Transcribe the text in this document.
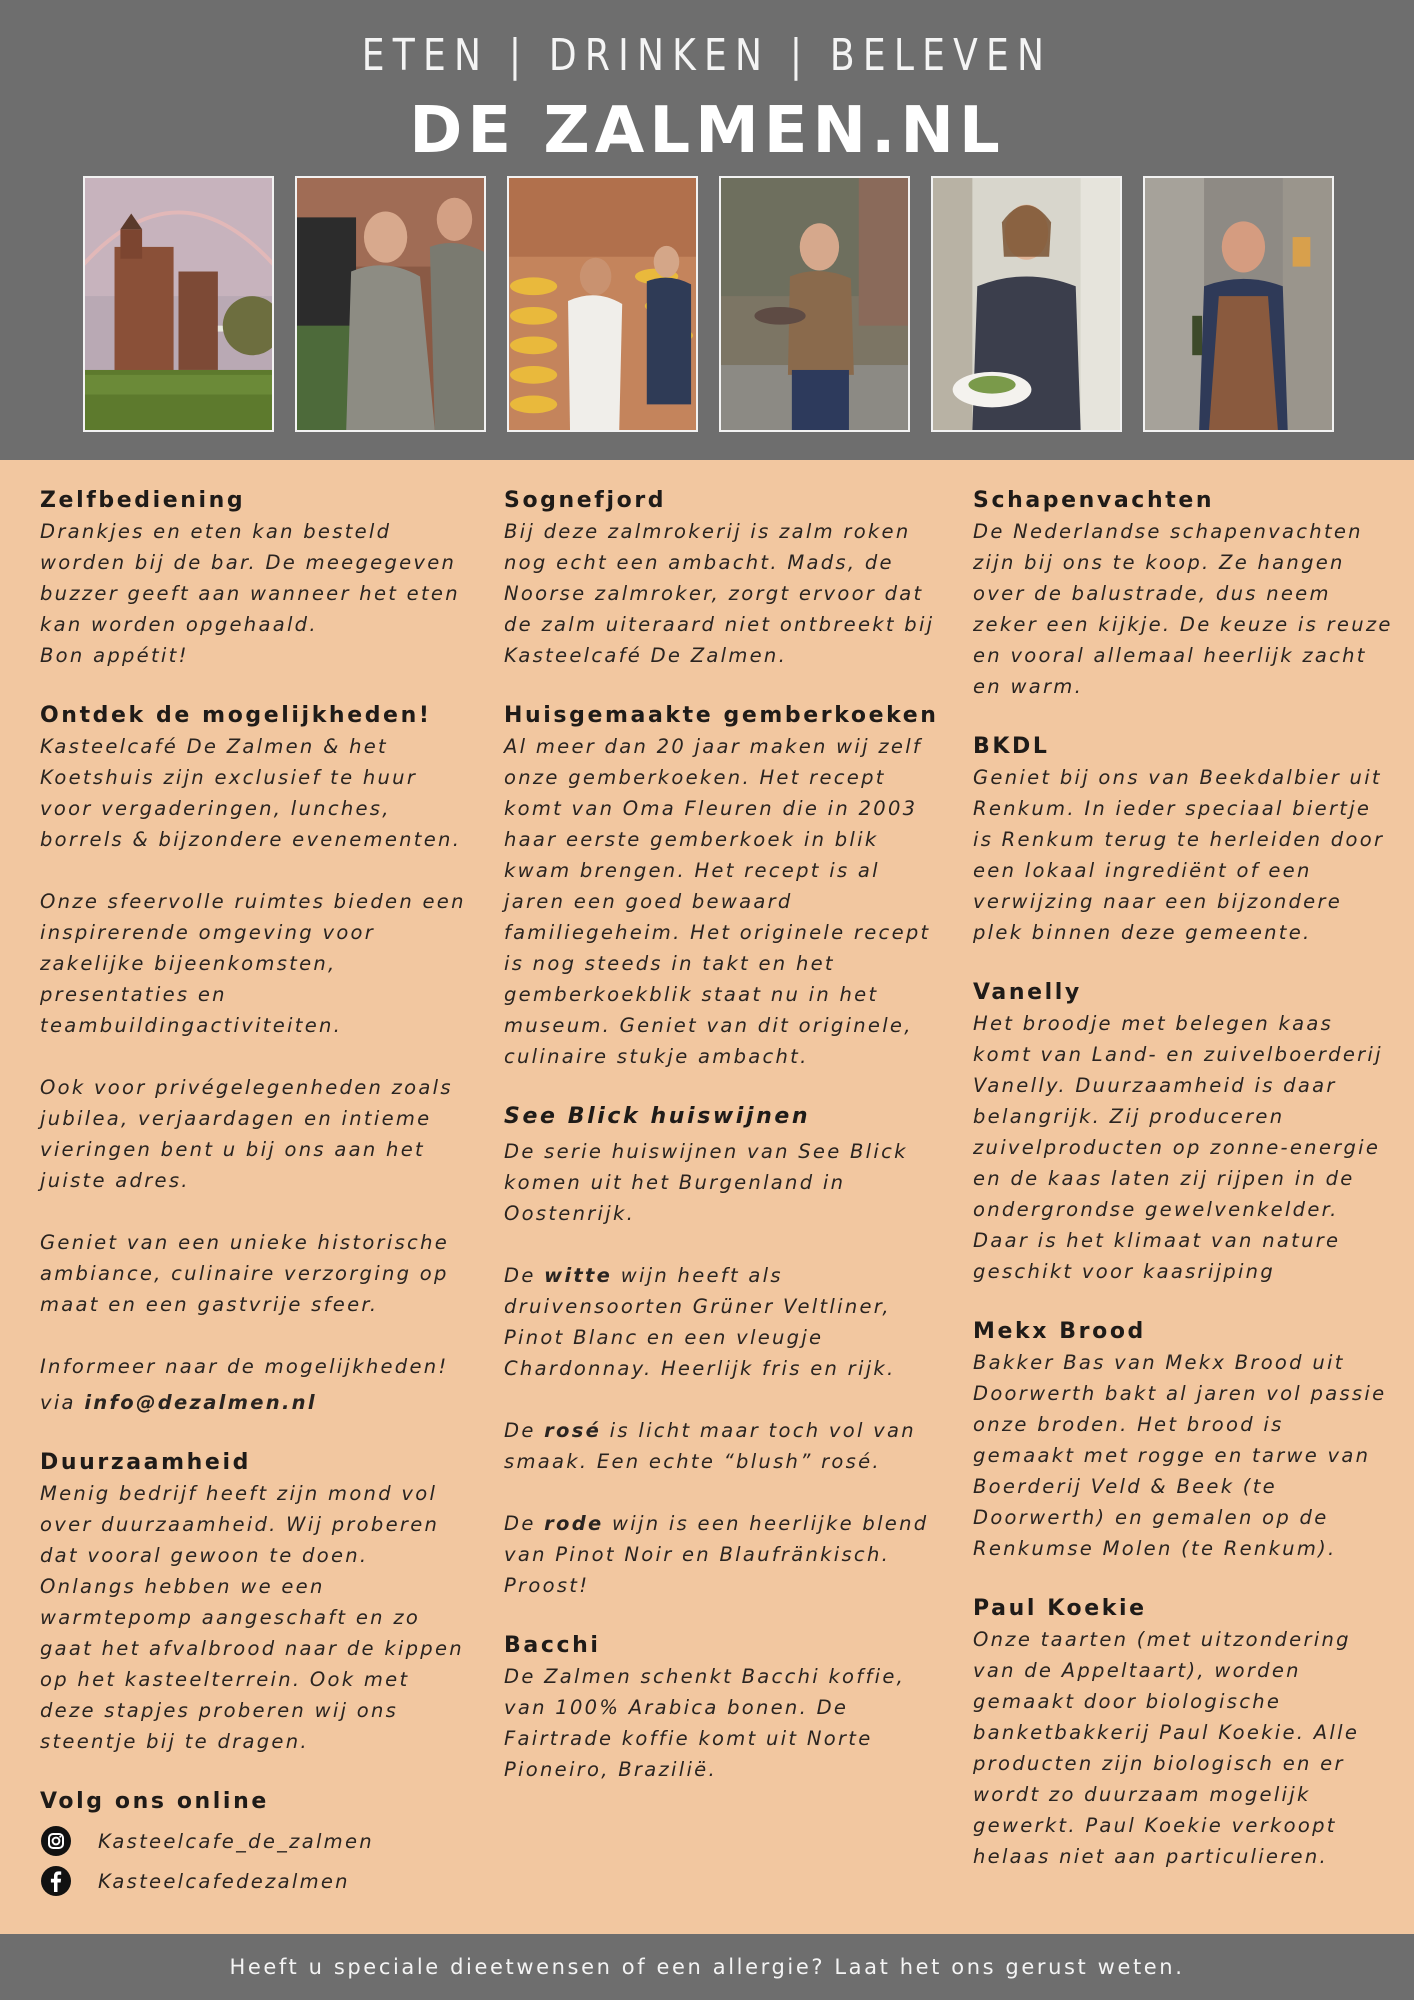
ETEN | DRINKEN | BELEVEN
DE ZALMEN.NL
Zelfbediening

Drankjes en eten kan besteld worden bij de bar. De meegegeven buzzer geeft aan wanneer het eten kan worden opgehaald.

Bon appétit!

Ontdek de mogelijkheden!

Kasteelcafé De Zalmen & het Koetshuis zijn exclusief te huur voor vergaderingen, lunches, borrels & bijzondere evenementen.

Onze sfeervolle ruimtes bieden een inspirerende omgeving voor zakelijke bijeenkomsten, presentaties en teambuildingactiviteiten.

Ook voor privégelegenheden zoals jubilea, verjaardagen en intieme vieringen bent u bij ons aan het juiste adres.

Geniet van een unieke historische ambiance, culinaire verzorging op maat en een gastvrije sfeer.

Informeer naar de mogelijkheden!

via info@dezalmen.nl

Duurzaamheid

Menig bedrijf heeft zijn mond vol over duurzaamheid. Wij proberen dat vooral gewoon te doen. Onlangs hebben we een warmtepomp aangeschaft en zo gaat het afvalbrood naar de kippen op het kasteelterrein. Ook met deze stapjes proberen wij ons steentje bij te dragen.

Volg ons online
Kasteelcafe_de_zalmen
Kasteelcafedezalmen
Sognefjord

Bij deze zalmrokerij is zalm roken nog echt een ambacht. Mads, de Noorse zalmroker, zorgt ervoor dat de zalm uiteraard niet ontbreekt bij Kasteelcafé De Zalmen.

Huisgemaakte gemberkoeken

Al meer dan 20 jaar maken wij zelf onze gemberkoeken. Het recept komt van Oma Fleuren die in 2003 haar eerste gemberkoek in blik kwam brengen. Het recept is al jaren een goed bewaard familiegeheim. Het originele recept is nog steeds in takt en het gemberkoekblik staat nu in het museum. Geniet van dit originele, culinaire stukje ambacht.

See Blick huiswijnen

De serie huiswijnen van See Blick komen uit het Burgenland in Oostenrijk.

De witte wijn heeft als druivensoorten Grüner Veltliner, Pinot Blanc en een vleugje Chardonnay. Heerlijk fris en rijk.

De rosé is licht maar toch vol van smaak. Een echte “blush” rosé.

De rode wijn is een heerlijke blend van Pinot Noir en Blaufränkisch. Proost!

Bacchi

De Zalmen schenkt Bacchi koffie, van 100% Arabica bonen. De Fairtrade koffie komt uit Norte Pioneiro, Brazilië.

Schapenvachten

De Nederlandse schapenvachten zijn bij ons te koop. Ze hangen over de balustrade, dus neem zeker een kijkje. De keuze is reuze en vooral allemaal heerlijk zacht en warm.

BKDL

Geniet bij ons van Beekdalbier uit Renkum. In ieder speciaal biertje is Renkum terug te herleiden door een lokaal ingrediënt of een verwijzing naar een bijzondere plek binnen deze gemeente.

Vanelly

Het broodje met belegen kaas komt van Land- en zuivelboerderij Vanelly. Duurzaamheid is daar belangrijk. Zij produceren zuivelproducten op zonne-energie en de kaas laten zij rijpen in de ondergrondse gewelvenkelder. Daar is het klimaat van nature geschikt voor kaasrijping

Mekx Brood

Bakker Bas van Mekx Brood uit Doorwerth bakt al jaren vol passie onze broden. Het brood is gemaakt met rogge en tarwe van Boerderij Veld & Beek (te Doorwerth) en gemalen op de Renkumse Molen (te Renkum).

Paul Koekie

Onze taarten (met uitzondering van de Appeltaart), worden gemaakt door biologische banketbakkerij Paul Koekie. Alle producten zijn biologisch en er wordt zo duurzaam mogelijk gewerkt. Paul Koekie verkoopt helaas niet aan particulieren.

Heeft u speciale dieetwensen of een allergie? Laat het ons gerust weten.
